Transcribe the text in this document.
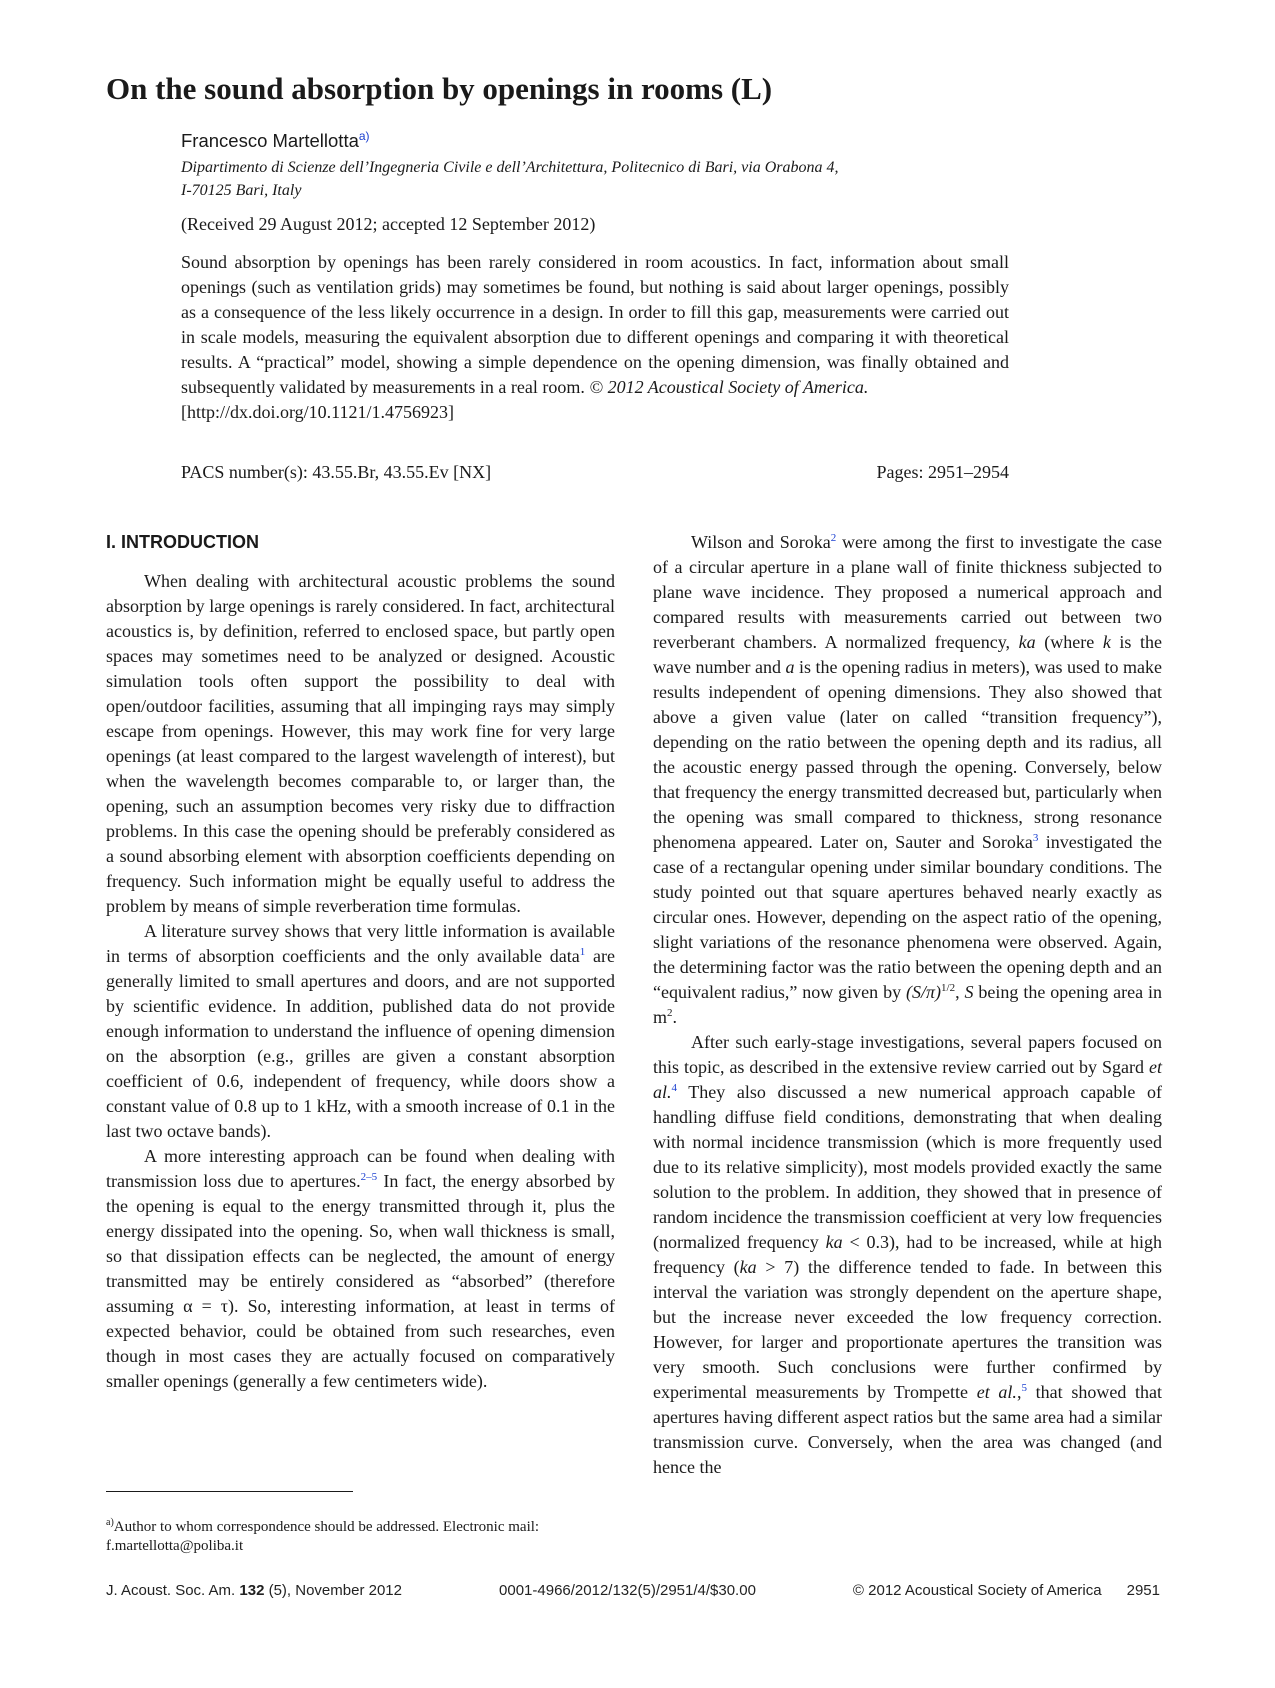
On the sound absorption by openings in rooms (L)
Francesco Martellotta$^{a)}$
Dipartimento di Scienze dell’Ingegneria Civile e dell’Architettura, Politecnico di Bari, via Orabona 4,
I-70125 Bari, Italy
(Received 29 August 2012; accepted 12 September 2012)

Sound absorption by openings has been rarely considered in room acoustics. In fact, information about small openings (such as ventilation grids) may sometimes be found, but nothing is said about larger openings, possibly as a consequence of the less likely occurrence in a design. In order to fill this gap, measurements were carried out in scale models, measuring the equivalent absorption due to different openings and comparing it with theoretical results. A “practical” model, showing a simple dependence on the opening dimension, was finally obtained and subsequently validated by measurements in a real room. © 2012 Acoustical Society of America.
[http://dx.doi.org/10.1121/1.4756923]

PACS number(s): 43.55.Br, 43.55.Ev [NX]	Pages: 2951–2954
I. INTRODUCTION

When dealing with architectural acoustic problems the sound absorption by large openings is rarely considered. In fact, architectural acoustics is, by definition, referred to enclosed space, but partly open spaces may sometimes need to be analyzed or designed. Acoustic simulation tools often support the possibility to deal with open/outdoor facilities, assuming that all impinging rays may simply escape from openings. However, this may work fine for very large openings (at least compared to the largest wavelength of interest), but when the wavelength becomes comparable to, or larger than, the opening, such an assumption becomes very risky due to diffraction problems. In this case the opening should be preferably considered as a sound absorbing element with absorption coefficients depending on frequency. Such information might be equally useful to address the problem by means of simple reverberation time formulas.

A literature survey shows that very little information is available in terms of absorption coefficients and the only available data$^1$ are generally limited to small apertures and doors, and are not supported by scientific evidence. In addition, published data do not provide enough information to understand the influence of opening dimension on the absorption (e.g., grilles are given a constant absorption coefficient of 0.6, independent of frequency, while doors show a constant value of 0.8 up to 1 kHz, with a smooth increase of 0.1 in the last two octave bands).

A more interesting approach can be found when dealing with transmission loss due to apertures.$^{2-5}$ In fact, the energy absorbed by the opening is equal to the energy transmitted through it, plus the energy dissipated into the opening. So, when wall thickness is small, so that dissipation effects can be neglected, the amount of energy transmitted may be entirely considered as “absorbed” (therefore assuming α = τ). So, interesting information, at least in terms of expected behavior, could be obtained from such researches, even though in most cases they are actually focused on comparatively smaller openings (generally a few centimeters wide).

Wilson and Soroka$^2$ were among the first to investigate the case of a circular aperture in a plane wall of finite thickness subjected to plane wave incidence. They proposed a numerical approach and compared results with measurements carried out between two reverberant chambers. A normalized frequency, ka (where k is the wave number and a is the opening radius in meters), was used to make results independent of opening dimensions. They also showed that above a given value (later on called “transition frequency”), depending on the ratio between the opening depth and its radius, all the acoustic energy passed through the opening. Conversely, below that frequency the energy transmitted decreased but, particularly when the opening was small compared to thickness, strong resonance phenomena appeared. Later on, Sauter and Soroka$^3$ investigated the case of a rectangular opening under similar boundary conditions. The study pointed out that square apertures behaved nearly exactly as circular ones. However, depending on the aspect ratio of the opening, slight variations of the resonance phenomena were observed. Again, the determining factor was the ratio between the opening depth and an “equivalent radius,” now given by $(S/\pi)^{1/2}$, S being the opening area in $m^2$.

After such early-stage investigations, several papers focused on this topic, as described in the extensive review carried out by Sgard et al.$^4$ They also discussed a new numerical approach capable of handling diffuse field conditions, demonstrating that when dealing with normal incidence transmission (which is more frequently used due to its relative simplicity), most models provided exactly the same solution to the problem. In addition, they showed that in presence of random incidence the transmission coefficient at very low frequencies (normalized frequency ka < 0.3), had to be increased, while at high frequency (ka > 7) the difference tended to fade. In between this interval the variation was strongly dependent on the aperture shape, but the increase never exceeded the low frequency correction. However, for larger and proportionate apertures the transition was very smooth. Such conclusions were further confirmed by experimental measurements by Trompette et al.,$^5$ that showed that apertures having different aspect ratios but the same area had a similar transmission curve. Conversely, when the area was changed (and hence the

$^{a)}$Author to whom correspondence should be addressed. Electronic mail:
f.martellotta@poliba.it

J. Acoust. Soc. Am. 132 (5), November 2012	0001-4966/2012/132(5)/2951/4/$30.00	© 2012 Acoustical Society of America 2951
